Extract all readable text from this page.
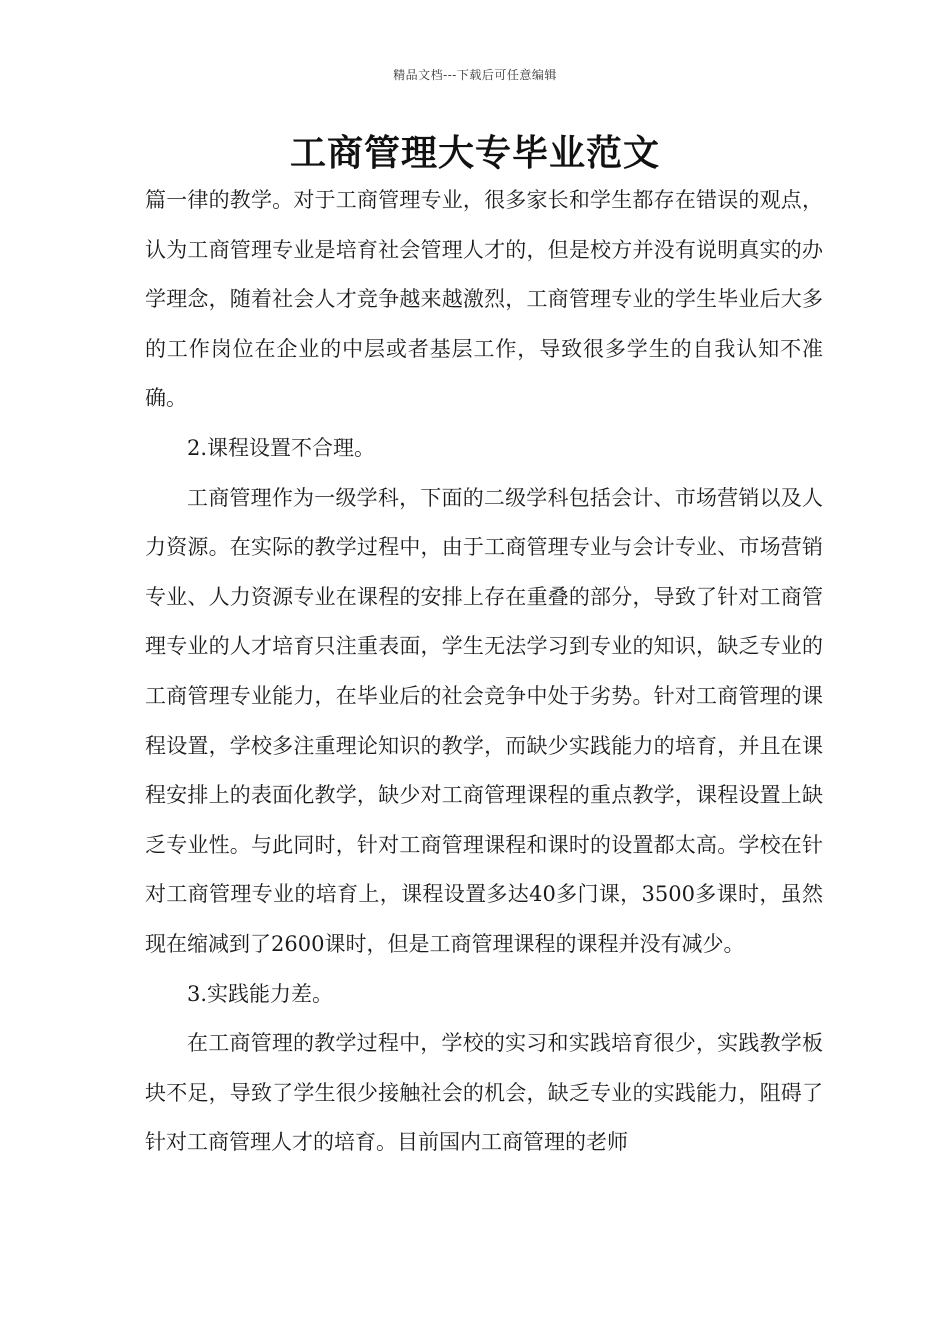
精品文档---下载后可任意编辑
工商管理大专毕业范文

篇一律的教学。对于工商管理专业，很多家长和学生都存在错误的观点，认为工商管理专业是培育社会管理人才的，但是校方并没有说明真实的办学理念，随着社会人才竞争越来越激烈，工商管理专业的学生毕业后大多的工作岗位在企业的中层或者基层工作，导致很多学生的自我认知不准确。

2.课程设置不合理。

工商管理作为一级学科，下面的二级学科包括会计、市场营销以及人力资源。在实际的教学过程中，由于工商管理专业与会计专业、市场营销专业、人力资源专业在课程的安排上存在重叠的部分，导致了针对工商管理专业的人才培育只注重表面，学生无法学习到专业的知识，缺乏专业的工商管理专业能力，在毕业后的社会竞争中处于劣势。针对工商管理的课程设置，学校多注重理论知识的教学，而缺少实践能力的培育，并且在课程安排上的表面化教学，缺少对工商管理课程的重点教学，课程设置上缺乏专业性。与此同时，针对工商管理课程和课时的设置都太高。学校在针对工商管理专业的培育上，课程设置多达40多门课，3500多课时，虽然现在缩减到了2600课时，但是工商管理课程的课程并没有减少。

3.实践能力差。

在工商管理的教学过程中，学校的实习和实践培育很少，实践教学板块不足，导致了学生很少接触社会的机会，缺乏专业的实践能力，阻碍了针对工商管理人才的培育。目前国内工商管理的老师
